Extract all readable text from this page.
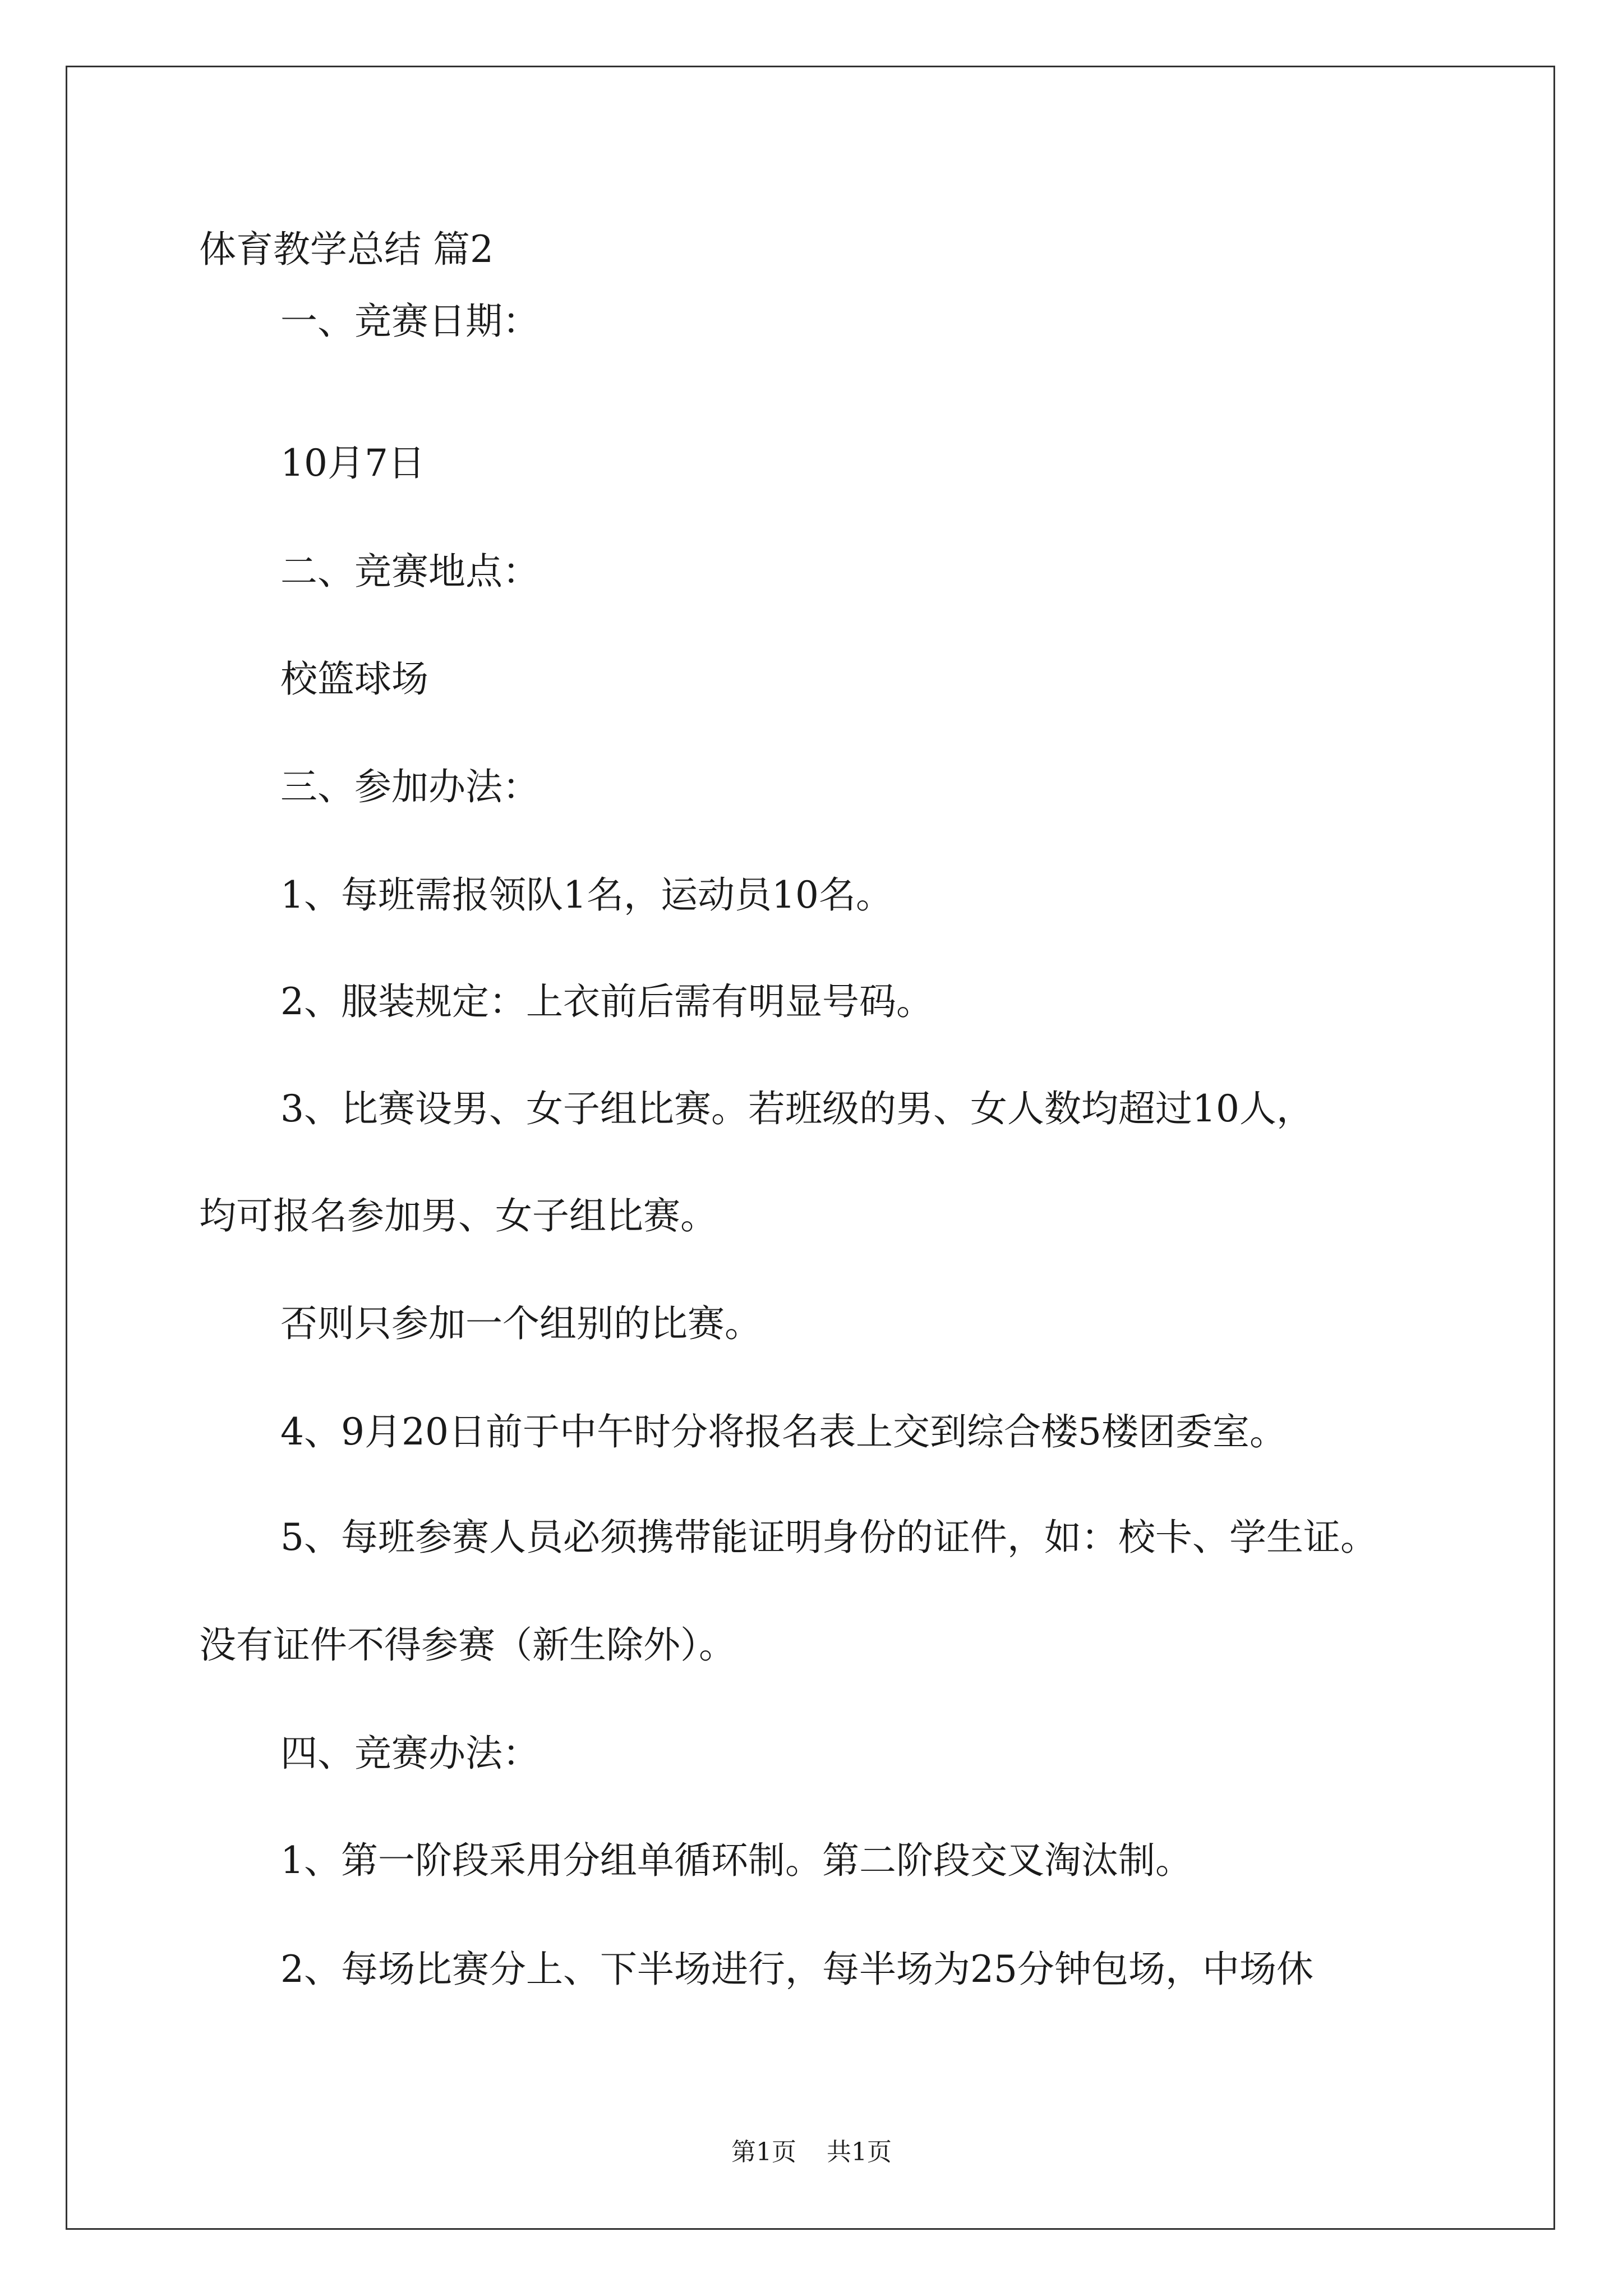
体育教学总结 篇2
一、竞赛日期：
10月7日
二、竞赛地点：
校篮球场
三、参加办法：
1、每班需报领队1名，运动员10名。
2、服装规定：上衣前后需有明显号码。
3、比赛设男、女子组比赛。若班级的男、女人数均超过10人，
均可报名参加男、女子组比赛。
否则只参加一个组别的比赛。
4、9月20日前于中午时分将报名表上交到综合楼5楼团委室。
5、每班参赛人员必须携带能证明身份的证件，如：校卡、学生证。
没有证件不得参赛（新生除外）。
四、竞赛办法：
1、第一阶段采用分组单循环制。第二阶段交叉淘汰制。
2、每场比赛分上、下半场进行，每半场为25分钟包场，中场休
第1页 共1页
